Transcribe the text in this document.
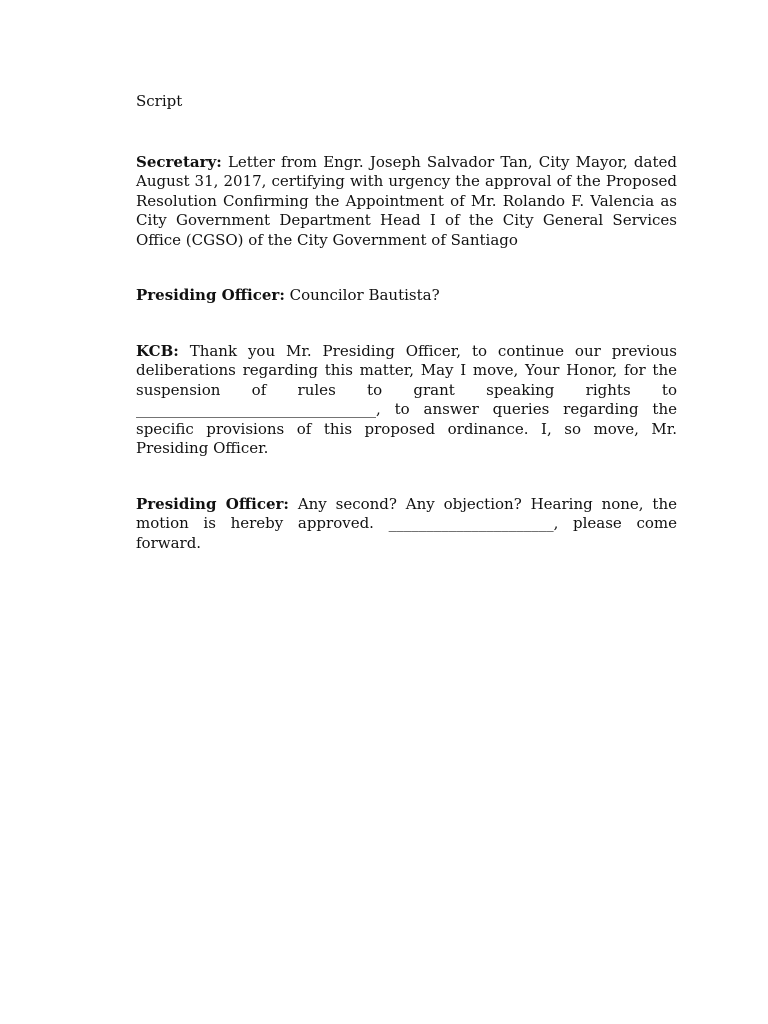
Script

Secretary: Letter from Engr. Joseph Salvador Tan, City Mayor, dated August 31, 2017, certifying with urgency the approval of the Proposed Resolution Confirming the Appointment of Mr. Rolando F. Valencia as City Government Department Head I of the City General Services Office (CGSO) of the City Government of Santiago

Presiding Officer: Councilor Bautista?

KCB: Thank you Mr. Presiding Officer, to continue our previous deliberations regarding this matter, May I move, Your Honor, for the suspension of rules to grant speaking rights to ________________________________, to answer queries regarding the specific provisions of this proposed ordinance. I, so move, Mr. Presiding Officer.

Presiding Officer: Any second? Any objection? Hearing none, the motion is hereby approved. ______________________, please come forward.
